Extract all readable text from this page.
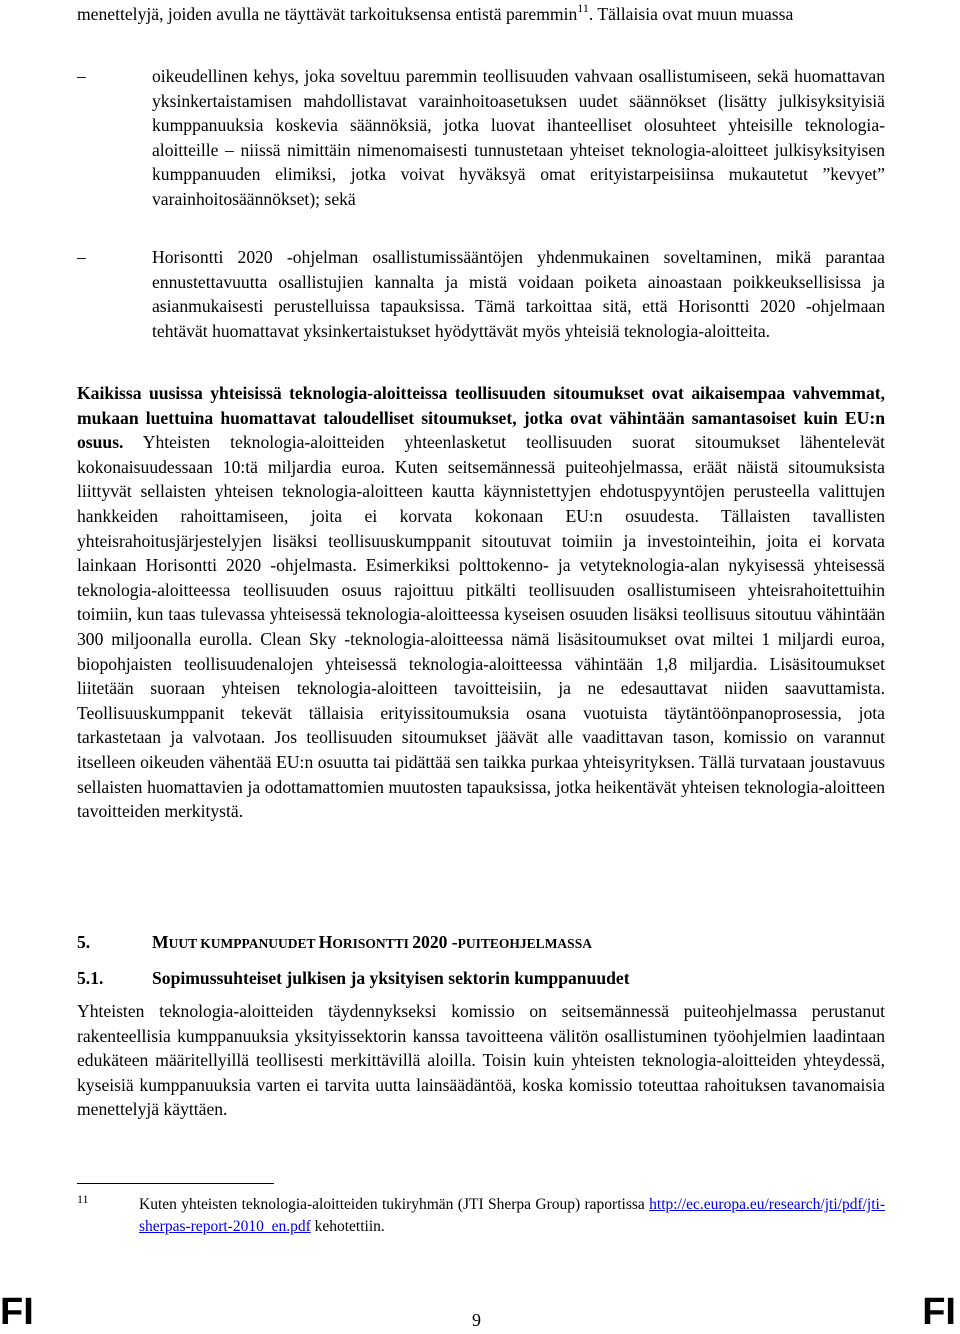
menettelyjä, joiden avulla ne täyttävät tarkoituksensa entistä paremmin$^{11}$. Tällaisia ovat muun muassa

–	oikeudellinen kehys, joka soveltuu paremmin teollisuuden vahvaan osallistumiseen, sekä huomattavan yksinkertaistamisen mahdollistavat varainhoitoasetuksen uudet säännökset (lisätty julkisyksityisiä kumppanuuksia koskevia säännöksiä, jotka luovat ihanteelliset olosuhteet yhteisille teknologia-aloitteille – niissä nimittäin nimenomaisesti tunnustetaan yhteiset teknologia-aloitteet julkisyksityisen kumppanuuden elimiksi, jotka voivat hyväksyä omat erityistarpeisiinsa mukautetut ”kevyet” varainhoitosäännökset); sekä

–	Horisontti 2020 -ohjelman osallistumissääntöjen yhdenmukainen soveltaminen, mikä parantaa ennustettavuutta osallistujien kannalta ja mistä voidaan poiketa ainoastaan poikkeuksellisissa ja asianmukaisesti perustelluissa tapauksissa. Tämä tarkoittaa sitä, että Horisontti 2020 -ohjelmaan tehtävät huomattavat yksinkertaistukset hyödyttävät myös yhteisiä teknologia-aloitteita.

Kaikissa uusissa yhteisissä teknologia-aloitteissa teollisuuden sitoumukset ovat aikaisempaa vahvemmat, mukaan luettuina huomattavat taloudelliset sitoumukset, jotka ovat vähintään samantasoiset kuin EU:n osuus. Yhteisten teknologia-aloitteiden yhteenlasketut teollisuuden suorat sitoumukset lähentelevät kokonaisuudessaan 10:tä miljardia euroa. Kuten seitsemännessä puiteohjelmassa, eräät näistä sitoumuksista liittyvät sellaisten yhteisen teknologia-aloitteen kautta käynnistettyjen ehdotuspyyntöjen perusteella valittujen hankkeiden rahoittamiseen, joita ei korvata kokonaan EU:n osuudesta. Tällaisten tavallisten yhteisrahoitusjärjestelyjen lisäksi teollisuuskumppanit sitoutuvat toimiin ja investointeihin, joita ei korvata lainkaan Horisontti 2020 -ohjelmasta. Esimerkiksi polttokenno- ja vetyteknologia-alan nykyisessä yhteisessä teknologia-aloitteessa teollisuuden osuus rajoittuu pitkälti teollisuuden osallistumiseen yhteisrahoitettuihin toimiin, kun taas tulevassa yhteisessä teknologia-aloitteessa kyseisen osuuden lisäksi teollisuus sitoutuu vähintään 300 miljoonalla eurolla. Clean Sky -teknologia-aloitteessa nämä lisäsitoumukset ovat miltei 1 miljardi euroa, biopohjaisten teollisuudenalojen yhteisessä teknologia-aloitteessa vähintään 1,8 miljardia. Lisäsitoumukset liitetään suoraan yhteisen teknologia-aloitteen tavoitteisiin, ja ne edesauttavat niiden saavuttamista. Teollisuuskumppanit tekevät tällaisia erityissitoumuksia osana vuotuista täytäntöönpanoprosessia, jota tarkastetaan ja valvotaan. Jos teollisuuden sitoumukset jäävät alle vaadittavan tason, komissio on varannut itselleen oikeuden vähentää EU:n osuutta tai pidättää sen taikka purkaa yhteisyrityksen. Tällä turvataan joustavuus sellaisten huomattavien ja odottamattomien muutosten tapauksissa, jotka heikentävät yhteisen teknologia-aloitteen tavoitteiden merkitystä.

5.	MUUT KUMPPANUUDET HORISONTTI 2020 -PUITEOHJELMASSA
5.1.	Sopimussuhteiset julkisen ja yksityisen sektorin kumppanuudet

Yhteisten teknologia-aloitteiden täydennykseksi komissio on seitsemännessä puiteohjelmassa perustanut rakenteellisia kumppanuuksia yksityissektorin kanssa tavoitteena välitön osallistuminen työohjelmien laadintaan edukäteen määritellyillä teollisesti merkittävillä aloilla. Toisin kuin yhteisten teknologia-aloitteiden yhteydessä, kyseisiä kumppanuuksia varten ei tarvita uutta lainsäädäntöä, koska komissio toteuttaa rahoituksen tavanomaisia menettelyjä käyttäen.

11	Kuten yhteisten teknologia-aloitteiden tukiryhmän (JTI Sherpa Group) raportissa http://ec.europa.eu/research/jti/pdf/jti-sherpas-report-2010_en.pdf kehotettiin.

FI	9	FI
